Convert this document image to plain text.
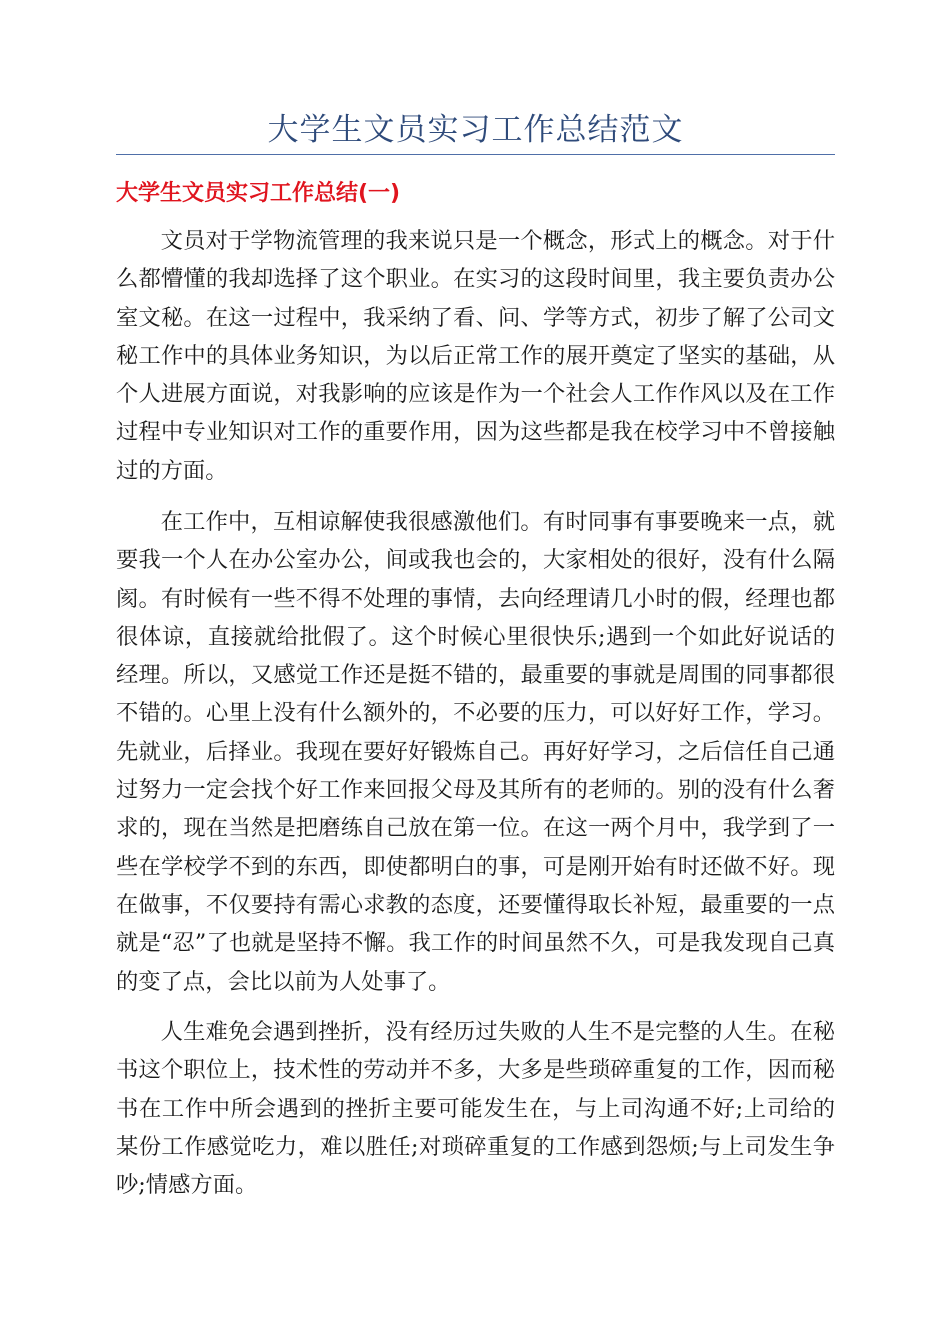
大学生文员实习工作总结范文
大学生文员实习工作总结(一)

文员对于学物流管理的我来说只是一个概念，形式上的概念。对于什么都懵懂的我却选择了这个职业。在实习的这段时间里，我主要负责办公室文秘。在这一过程中，我采纳了看、问、学等方式，初步了解了公司文秘工作中的具体业务知识，为以后正常工作的展开奠定了坚实的基础，从个人进展方面说，对我影响的应该是作为一个社会人工作作风以及在工作过程中专业知识对工作的重要作用，因为这些都是我在校学习中不曾接触过的方面。

在工作中，互相谅解使我很感激他们。有时同事有事要晚来一点，就要我一个人在办公室办公，间或我也会的，大家相处的很好，没有什么隔阂。有时候有一些不得不处理的事情，去向经理请几小时的假，经理也都很体谅，直接就给批假了。这个时候心里很快乐;遇到一个如此好说话的经理。所以，又感觉工作还是挺不错的，最重要的事就是周围的同事都很不错的。心里上没有什么额外的，不必要的压力，可以好好工作，学习。先就业，后择业。我现在要好好锻炼自己。再好好学习，之后信任自己通过努力一定会找个好工作来回报父母及其所有的老师的。别的没有什么奢求的，现在当然是把磨练自己放在第一位。在这一两个月中，我学到了一些在学校学不到的东西，即使都明白的事，可是刚开始有时还做不好。现在做事，不仅要持有需心求教的态度，还要懂得取长补短，最重要的一点就是“忍”了也就是坚持不懈。我工作的时间虽然不久，可是我发现自己真的变了点，会比以前为人处事了。

人生难免会遇到挫折，没有经历过失败的人生不是完整的人生。在秘书这个职位上，技术性的劳动并不多，大多是些琐碎重复的工作，因而秘书在工作中所会遇到的挫折主要可能发生在，与上司沟通不好;上司给的某份工作感觉吃力，难以胜任;对琐碎重复的工作感到怨烦;与上司发生争吵;情感方面。
